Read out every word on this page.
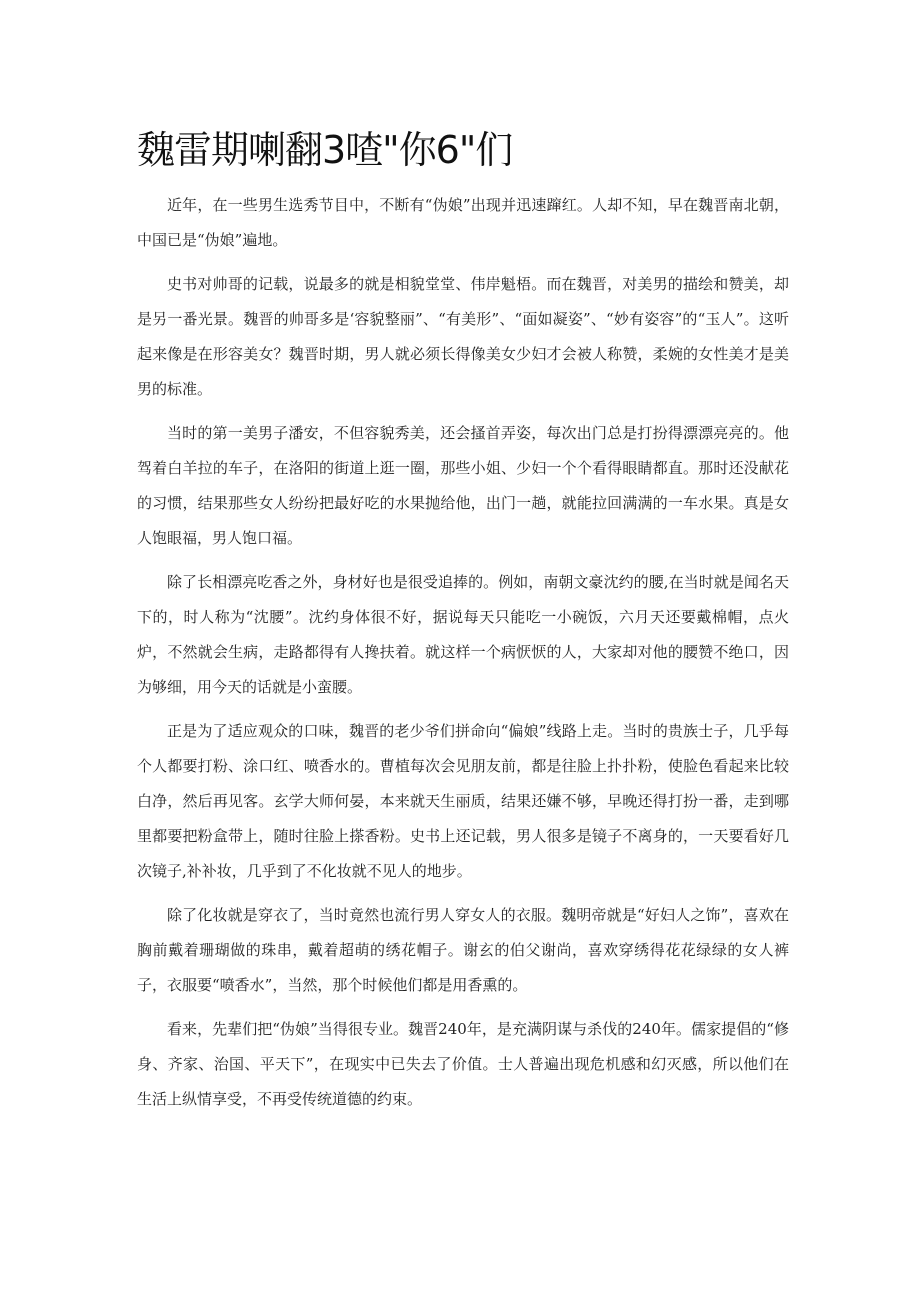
魏雷期喇翻3喳"你6"们

近年，在一些男生选秀节目中，不断有“伪娘”出现并迅速蹿红。人却不知，早在魏晋南北朝，中国已是“伪娘”遍地。

史书对帅哥的记载，说最多的就是相貌堂堂、伟岸魁梧。而在魏晋，对美男的描绘和赞美，却是另一番光景。魏晋的帅哥多是‘容貌整丽”、“有美形”、“面如凝姿”、“妙有姿容”的“玉人”。这听起来像是在形容美女？魏晋时期，男人就必须长得像美女少妇才会被人称赞，柔婉的女性美才是美男的标准。

当时的第一美男子潘安，不但容貌秀美，还会搔首弄姿，每次出门总是打扮得漂漂亮亮的。他驾着白羊拉的车子，在洛阳的街道上逛一圈，那些小姐、少妇一个个看得眼睛都直。那时还没献花的习惯，结果那些女人纷纷把最好吃的水果抛给他，出门一趟，就能拉回满满的一车水果。真是女人饱眼福，男人饱口福。

除了长相漂亮吃香之外，身材好也是很受追捧的。例如，南朝文豪沈约的腰,在当时就是闻名天下的，时人称为“沈腰”。沈约身体很不好，据说每天只能吃一小碗饭，六月天还要戴棉帽，点火炉，不然就会生病，走路都得有人搀扶着。就这样一个病恹恹的人，大家却对他的腰赞不绝口，因为够细，用今天的话就是小蛮腰。

正是为了适应观众的口味，魏晋的老少爷们拼命向“偏娘”线路上走。当时的贵族士子，几乎每个人都要打粉、涂口红、喷香水的。曹植每次会见朋友前，都是往脸上扑扑粉，使脸色看起来比较白净，然后再见客。玄学大师何晏，本来就天生丽质，结果还嫌不够，早晚还得打扮一番，走到哪里都要把粉盒带上，随时往脸上搽香粉。史书上还记载，男人很多是镜子不离身的，一天要看好几次镜子,补补妆，几乎到了不化妆就不见人的地步。

除了化妆就是穿衣了，当时竟然也流行男人穿女人的衣服。魏明帝就是“好妇人之饰”，喜欢在胸前戴着珊瑚做的珠串，戴着超萌的绣花帽子。谢玄的伯父谢尚，喜欢穿绣得花花绿绿的女人裤子，衣服要“喷香水”，当然，那个时候他们都是用香熏的。

看来，先辈们把“伪娘”当得很专业。魏晋240年，是充满阴谋与杀伐的240年。儒家提倡的“修身、齐家、治国、平天下”，在现实中已失去了价值。士人普遍出现危机感和幻灭感，所以他们在生活上纵情享受，不再受传统道德的约束。
